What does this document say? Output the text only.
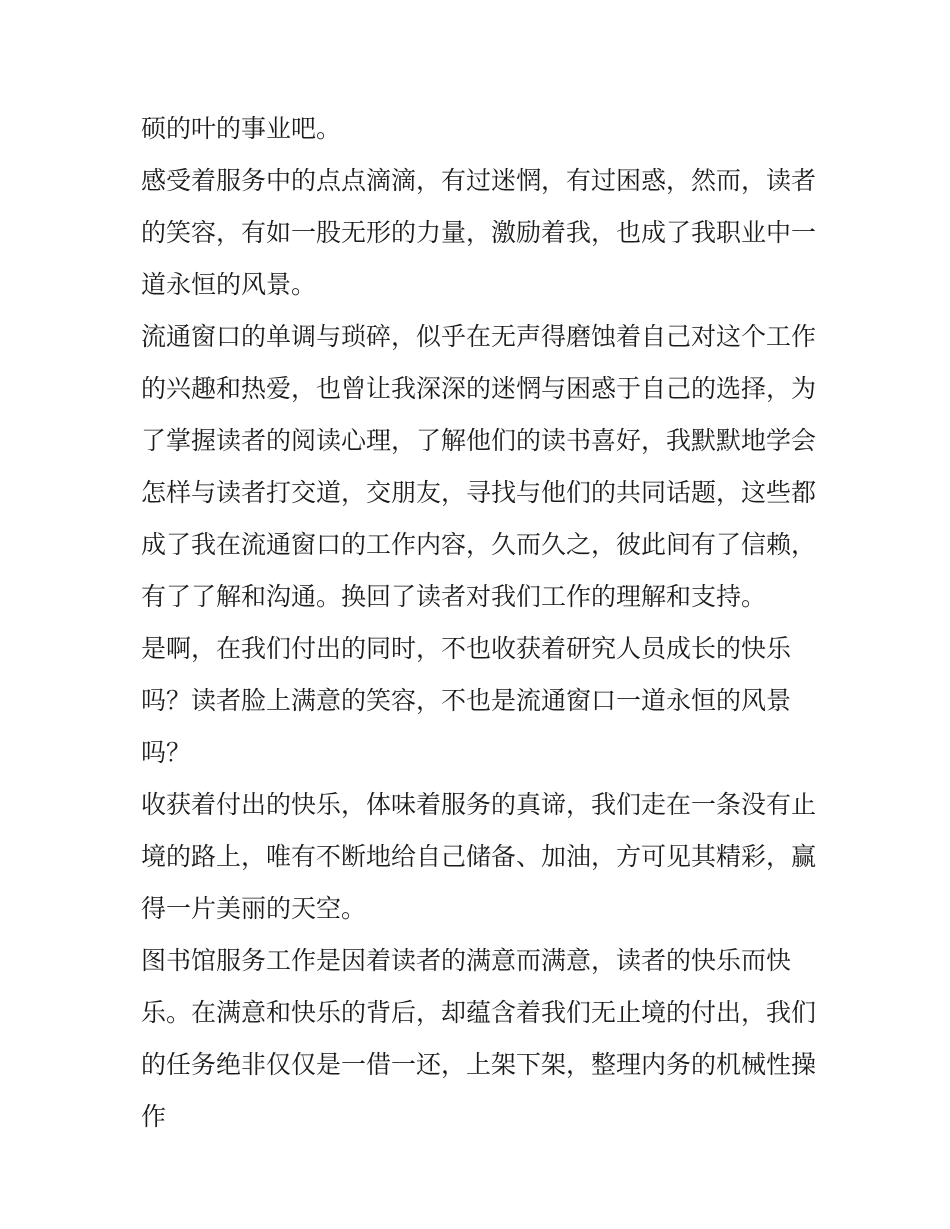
硕的叶的事业吧。
感受着服务中的点点滴滴，有过迷惘，有过困惑，然而，读者
的笑容，有如一股无形的力量，激励着我，也成了我职业中一
道永恒的风景。
流通窗口的单调与琐碎，似乎在无声得磨蚀着自己对这个工作
的兴趣和热爱，也曾让我深深的迷惘与困惑于自己的选择，为
了掌握读者的阅读心理，了解他们的读书喜好，我默默地学会
怎样与读者打交道，交朋友，寻找与他们的共同话题，这些都
成了我在流通窗口的工作内容，久而久之，彼此间有了信赖，
有了了解和沟通。换回了读者对我们工作的理解和支持。
是啊，在我们付出的同时，不也收获着研究人员成长的快乐
吗？读者脸上满意的笑容，不也是流通窗口一道永恒的风景
吗？
收获着付出的快乐，体味着服务的真谛，我们走在一条没有止
境的路上，唯有不断地给自己储备、加油，方可见其精彩，赢
得一片美丽的天空。
图书馆服务工作是因着读者的满意而满意，读者的快乐而快
乐。在满意和快乐的背后，却蕴含着我们无止境的付出，我们
的任务绝非仅仅是一借一还，上架下架，整理内务的机械性操
作
